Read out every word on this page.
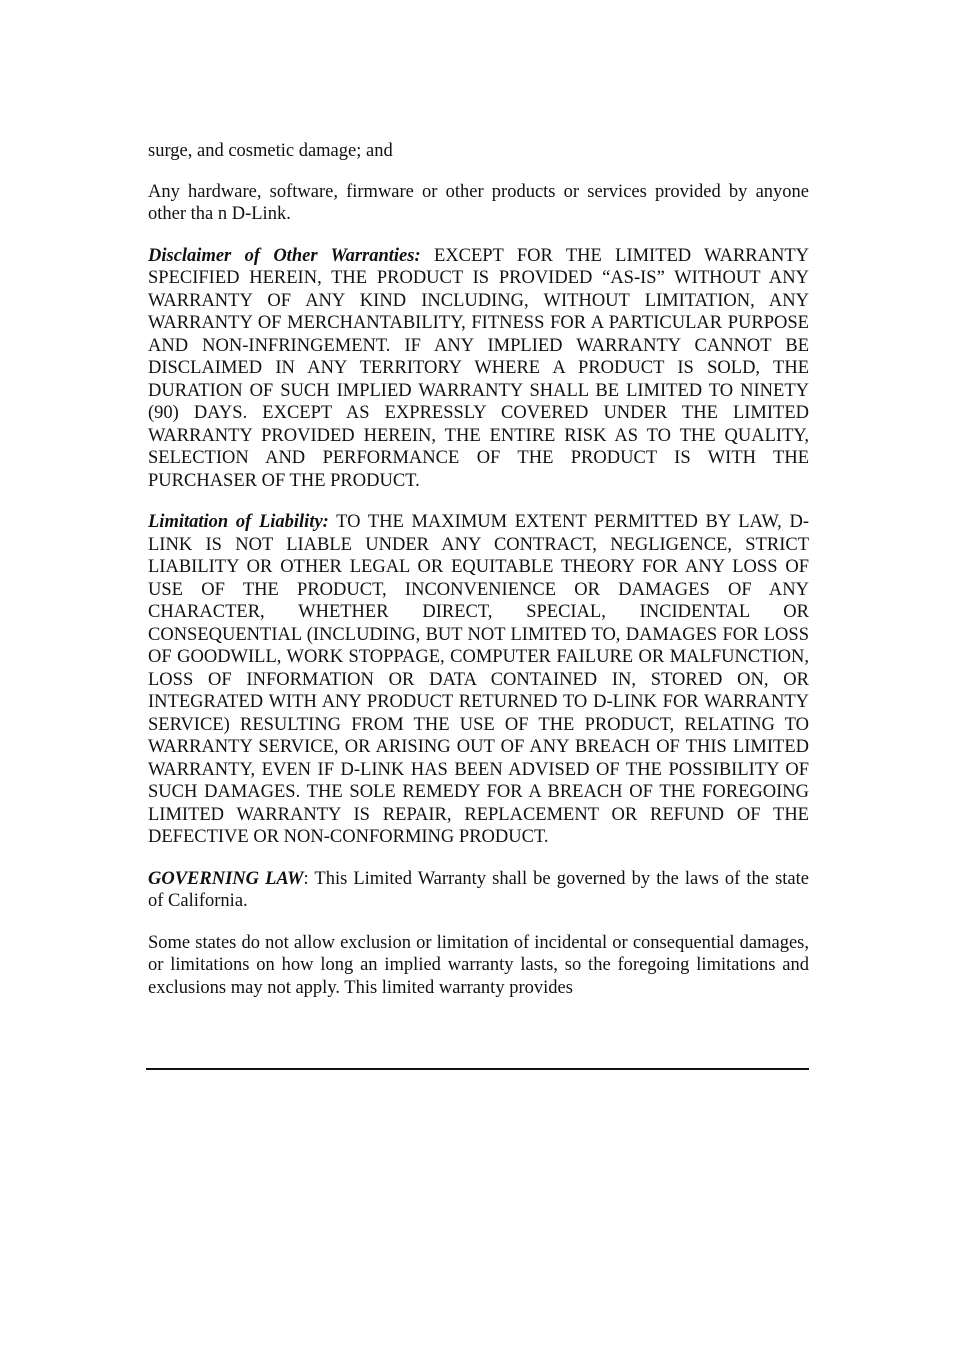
surge, and cosmetic damage; and

Any hardware, software, firmware or other products or services provided by anyone other tha n D-Link.

Disclaimer of Other Warranties: EXCEPT FOR THE LIMITED WARRANTY SPECIFIED HEREIN, THE PRODUCT IS PROVIDED “AS-IS” WITHOUT ANY WARRANTY OF ANY KIND INCLUDING, WITHOUT LIMITATION, ANY WARRANTY OF MERCHANTABILITY, FITNESS FOR A PARTICULAR PURPOSE AND NON-INFRINGEMENT. IF ANY IMPLIED WARRANTY CANNOT BE DISCLAIMED IN ANY TERRITORY WHERE A PRODUCT IS SOLD, THE DURATION OF SUCH IMPLIED WARRANTY SHALL BE LIMITED TO NINETY (90) DAYS. EXCEPT AS EXPRESSLY COVERED UNDER THE LIMITED WARRANTY PROVIDED HEREIN, THE ENTIRE RISK AS TO THE QUALITY, SELECTION AND PERFORMANCE OF THE PRODUCT IS WITH THE PURCHASER OF THE PRODUCT.

Limitation of Liability: TO THE MAXIMUM EXTENT PERMITTED BY LAW, D-LINK IS NOT LIABLE UNDER ANY CONTRACT, NEGLIGENCE, STRICT LIABILITY OR OTHER LEGAL OR EQUITABLE THEORY FOR ANY LOSS OF USE OF THE PRODUCT, INCONVENIENCE OR DAMAGES OF ANY CHARACTER, WHETHER DIRECT, SPECIAL, INCIDENTAL OR CONSEQUENTIAL (INCLUDING, BUT NOT LIMITED TO, DAMAGES FOR LOSS OF GOODWILL, WORK STOPPAGE, COMPUTER FAILURE OR MALFUNCTION, LOSS OF INFORMATION OR DATA CONTAINED IN, STORED ON, OR INTEGRATED WITH ANY PRODUCT RETURNED TO D-LINK FOR WARRANTY SERVICE) RESULTING FROM THE USE OF THE PRODUCT, RELATING TO WARRANTY SERVICE, OR ARISING OUT OF ANY BREACH OF THIS LIMITED WARRANTY, EVEN IF D-LINK HAS BEEN ADVISED OF THE POSSIBILITY OF SUCH DAMAGES. THE SOLE REMEDY FOR A BREACH OF THE FOREGOING LIMITED WARRANTY IS REPAIR, REPLACEMENT OR REFUND OF THE DEFECTIVE OR NON-CONFORMING PRODUCT.

GOVERNING LAW: This Limited Warranty shall be governed by the laws of the state of California.

Some states do not allow exclusion or limitation of incidental or consequential damages, or limitations on how long an implied warranty lasts, so the foregoing limitations and exclusions may not apply. This limited warranty provides
